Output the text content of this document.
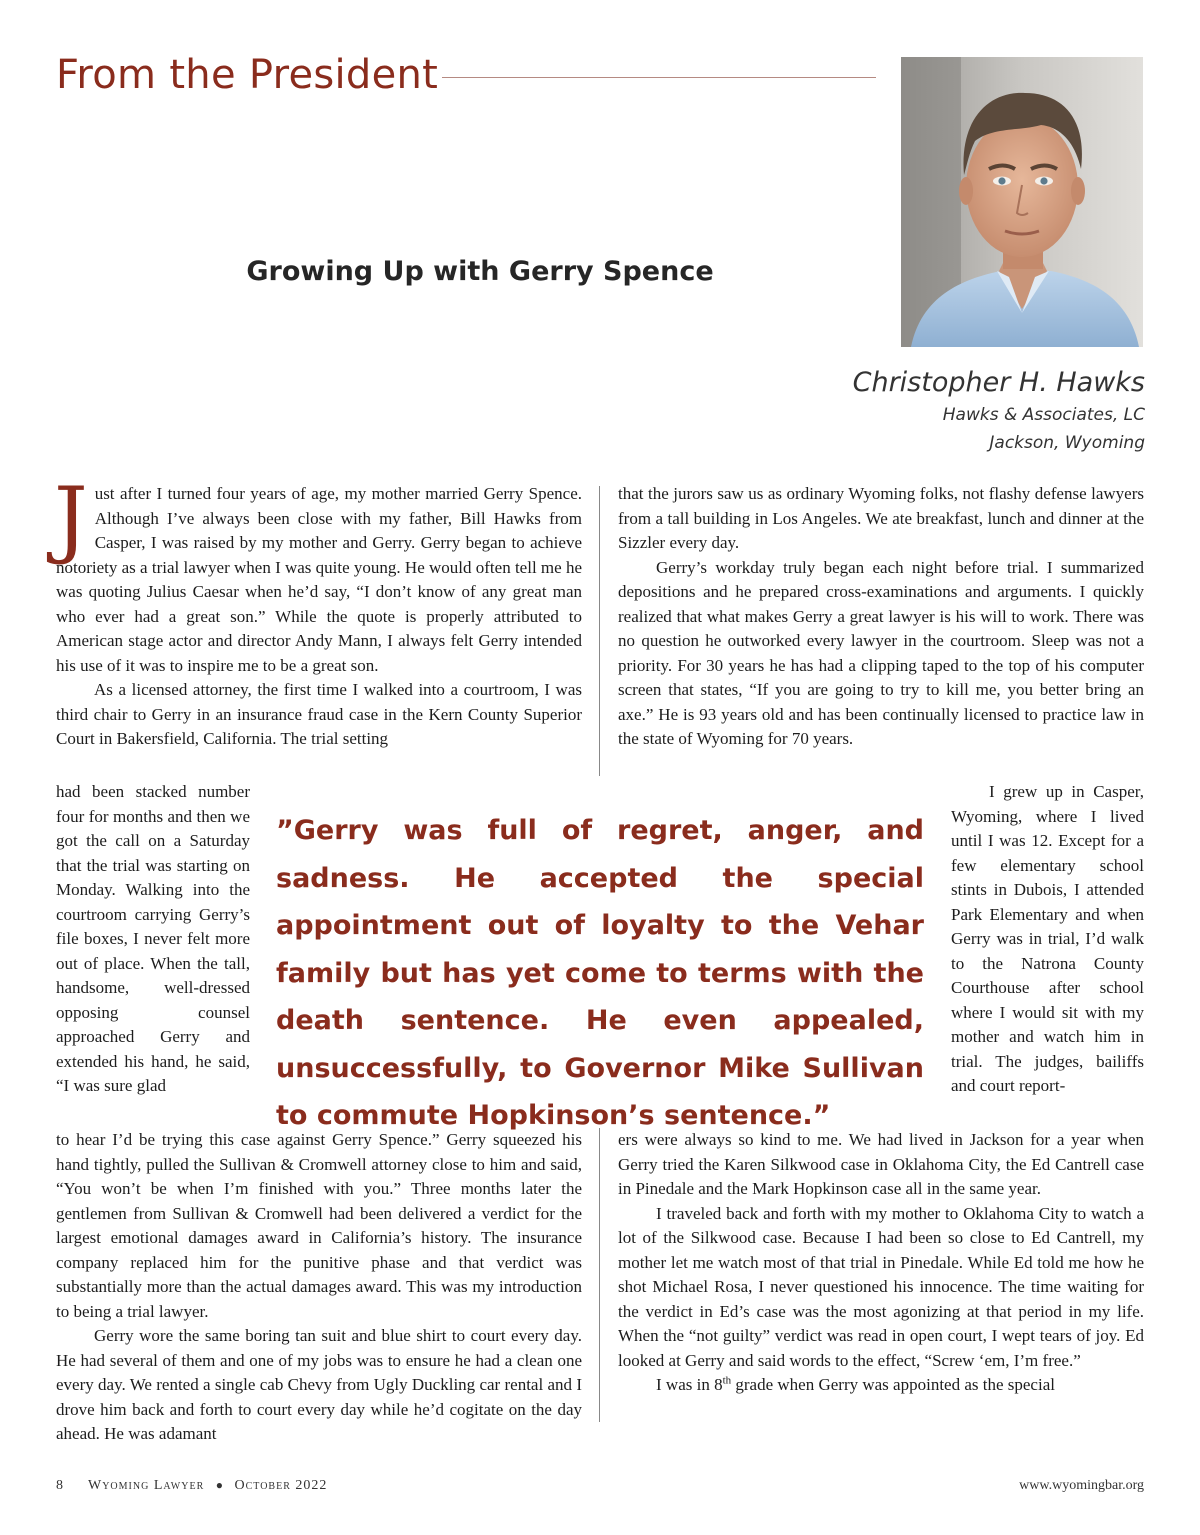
From the President
Growing Up with Gerry Spence
Christopher H. Hawks
Hawks & Associates, LC
Jackson, Wyoming

Just after I turned four years of age, my mother married Gerry Spence. Although I’ve always been close with my father, Bill Hawks from Casper, I was raised by my mother and Gerry. Gerry began to achieve notoriety as a trial lawyer when I was quite young. He would often tell me he was quoting Julius Caesar when he’d say, “I don’t know of any great man who ever had a great son.” While the quote is properly attributed to American stage actor and director Andy Mann, I always felt Gerry intended his use of it was to inspire me to be a great son.

As a licensed attorney, the first time I walked into a courtroom, I was third chair to Gerry in an insurance fraud case in the Kern County Superior Court in Bakersfield, California. The trial setting

had been stacked number four for months and then we got the call on a Saturday that the trial was starting on Monday. Walking into the courtroom carrying Gerry’s file boxes, I never felt more out of place. When the tall, handsome, well-dressed opposing counsel approached Gerry and extended his hand, he said, “I was sure glad

to hear I’d be trying this case against Gerry Spence.” Gerry squeezed his hand tightly, pulled the Sullivan & Cromwell attorney close to him and said, “You won’t be when I’m finished with you.” Three months later the gentlemen from Sullivan & Cromwell had been delivered a verdict for the largest emotional damages award in California’s history. The insurance company replaced him for the punitive phase and that verdict was substantially more than the actual damages award. This was my introduction to being a trial lawyer.

Gerry wore the same boring tan suit and blue shirt to court every day. He had several of them and one of my jobs was to ensure he had a clean one every day. We rented a single cab Chevy from Ugly Duckling car rental and I drove him back and forth to court every day while he’d cogitate on the day ahead. He was adamant

that the jurors saw us as ordinary Wyoming folks, not flashy defense lawyers from a tall building in Los Angeles. We ate breakfast, lunch and dinner at the Sizzler every day.

Gerry’s workday truly began each night before trial. I summarized depositions and he prepared cross-examinations and arguments. I quickly realized that what makes Gerry a great lawyer is his will to work. There was no question he outworked every lawyer in the courtroom. Sleep was not a priority. For 30 years he has had a clipping taped to the top of his computer screen that states, “If you are going to try to kill me, you better bring an axe.” He is 93 years old and has been continually licensed to practice law in the state of Wyoming for 70 years.

I grew up in Casper, Wyoming, where I lived until I was 12. Except for a few elementary school stints in Dubois, I attended Park Elementary and when Gerry was in trial, I’d walk to the Natrona County Courthouse after school where I would sit with my mother and watch him in trial. The judges, bailiffs and court report-

ers were always so kind to me. We had lived in Jackson for a year when Gerry tried the Karen Silkwood case in Oklahoma City, the Ed Cantrell case in Pinedale and the Mark Hopkinson case all in the same year.

I traveled back and forth with my mother to Oklahoma City to watch a lot of the Silkwood case. Because I had been so close to Ed Cantrell, my mother let me watch most of that trial in Pinedale. While Ed told me how he shot Michael Rosa, I never questioned his innocence. The time waiting for the verdict in Ed’s case was the most agonizing at that period in my life. When the “not guilty” verdict was read in open court, I wept tears of joy. Ed looked at Gerry and said words to the effect, “Screw ‘em, I’m free.”

I was in 8th grade when Gerry was appointed as the special

”Gerry was full of regret, anger, and sadness. He accepted the special appointment out of loyalty to the Vehar family but has yet come to terms with the death sentence. He even appealed, unsuccessfully, to Governor Mike Sullivan to commute Hopkinson’s sentence.”

8 Wyoming Lawyer ● October 2022	www.wyomingbar.org
